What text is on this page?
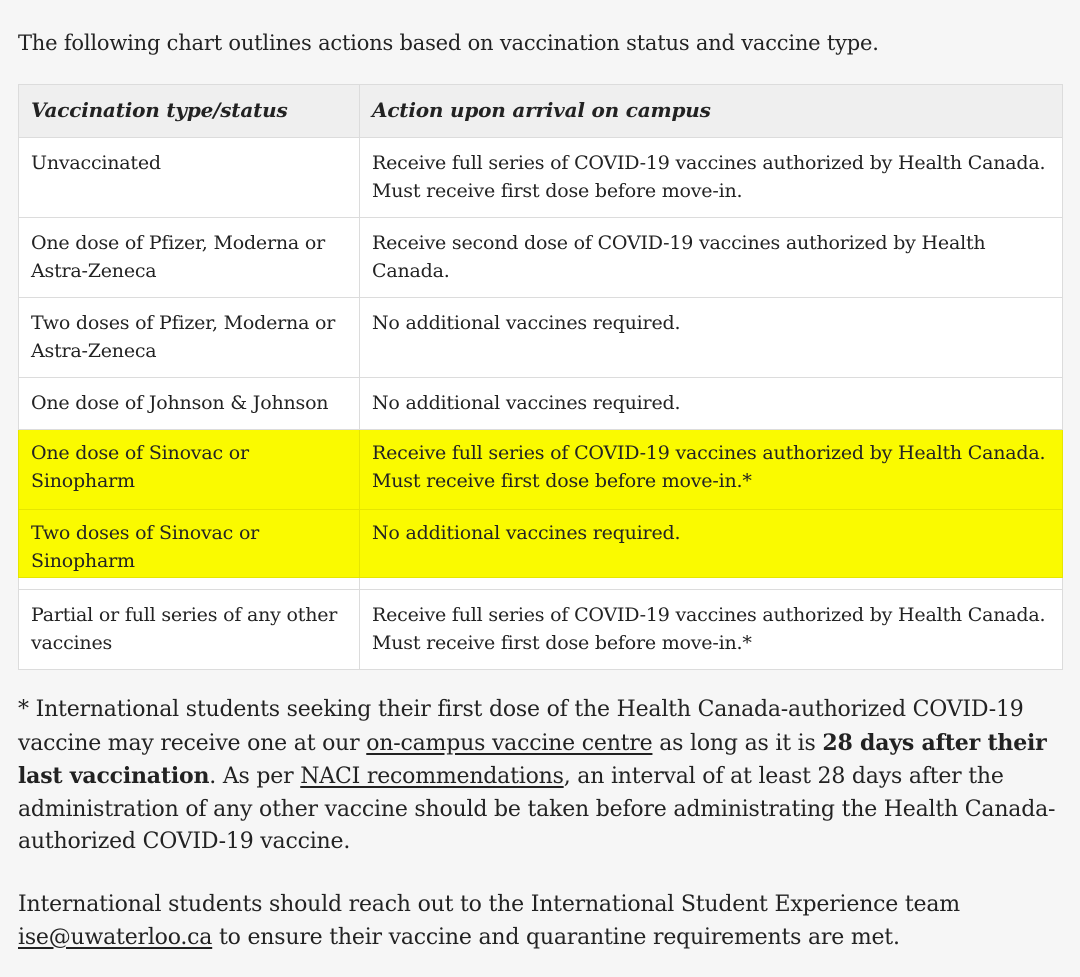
The following chart outlines actions based on vaccination status and vaccine type.
Vaccination type/status	Action upon arrival on campus
Unvaccinated	Receive full series of COVID-19 vaccines authorized by Health Canada. Must receive first dose before move-in.
One dose of Pfizer, Moderna or Astra-Zeneca	Receive second dose of COVID-19 vaccines authorized by Health Canada.
Two doses of Pfizer, Moderna or Astra-Zeneca	No additional vaccines required.
One dose of Johnson & Johnson	No additional vaccines required.
One dose of Sinovac or Sinopharm	Receive full series of COVID-19 vaccines authorized by Health Canada. Must receive first dose before move-in.*
Two doses of Sinovac or Sinopharm	No additional vaccines required.

Partial or full series of any other vaccines	Receive full series of COVID-19 vaccines authorized by Health Canada. Must receive first dose before move-in.*

* International students seeking their first dose of the Health Canada-authorized COVID-19 vaccine may receive one at our on-campus vaccine centre as long as it is 28 days after their last vaccination. As per NACI recommendations, an interval of at least 28 days after the administration of any other vaccine should be taken before administrating the Health Canada-authorized COVID-19 vaccine.

International students should reach out to the International Student Experience team ise@uwaterloo.ca to ensure their vaccine and quarantine requirements are met.
